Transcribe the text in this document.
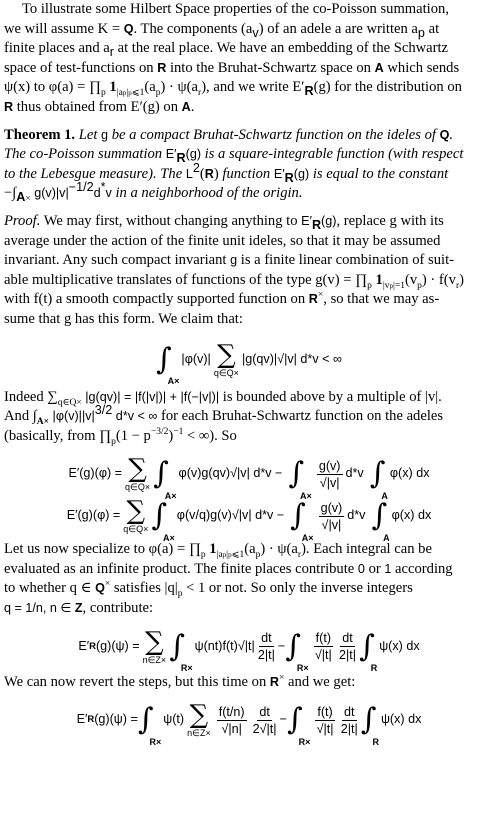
To illustrate some Hilbert Space properties of the co-Poisson summation,

we will assume K = Q. The components $(a_v)$ of an adele a are written $a_p$ at

finite places and $a_r$ at the real place. We have an embedding of the Schwartz

space of test-functions on R into the Bruhat-Schwartz space on A which sends

ψ(x) to $\varphi(a) = \prod_p$ $1_{|ap|p⩽1}(a_p) \cdot \psi(a_r)$, and we write $E'_R(g)$ for the distribution on

R thus obtained from E′(g) on A.

Theorem 1. Let g be a compact Bruhat-Schwartz function on the ideles of Q.

The co-Poisson summation $E'_R(g)$ is a square-integrable function (with respect

to the Lebesgue measure). The $L^2(R)$ function $E'_R(g)$ is equal to the constant

$-\int_{A\times}$ $g(v)|v|^{-1/2}d^*v$ in a neighborhood of the origin.

Proof. We may first, without changing anything to $E'_R(g)$, replace g with its

average under the action of the finite unit ideles, so that it may be assumed

invariant. Any such compact invariant g is a finite linear combination of suit-

able multiplicative translates of functions of the type $g(v) = \prod_p$ $1_{|vp|=1}(v_p) \cdot f(v_r)$

with f(t) a smooth compactly supported function on R×, so that we may as-

sume that g has this form. We claim that:

∫
A×
|φ(v)| ∑
q∈Q×
|g(qv)|√|v| d*v < ∞

Indeed $\sum_{q\in Q\times}$ |g(qv)| = |f(|v|)| + |f(−|v|)| is bounded above by a multiple of |v|.

And $\int_{A\times}$ $|\varphi(v)||v|^{3/2}$ d*v < ∞ for each Bruhat-Schwartz function on the adeles

(basically, from $\prod_p(1 - p^{-3/2})^{-1}$ < ∞). So

E′(g)(φ) = ∑
q∈Q× ∫
A×
φ(v)g(qv)√|v| d*v − ∫
A×
$\frac{g(v)}{√|v|} d*v$ ∫
A
φ(x) dx
E′(g)(φ) = ∑
q∈Q× ∫
A×
φ(v/q)g(v)√|v| d*v − ∫
A×
$\frac{g(v)}{√|v|} d*v$ ∫
A
φ(x) dx

Let us now specialize to $\varphi(a) = \prod_p$ $1_{|ap|p⩽1}(a_p) \cdot \psi(a_r)$. Each integral can be

evaluated as an infinite product. The finite places contribute 0 or 1 according

to whether q ∈ Q× satisfies $|q|_p < 1$ or not. So only the inverse integers

q = 1/n, n ∈ Z, contribute:

E′ R (g)(ψ) = ∑
n∈Z× ∫
R×
$\psi(nt)f(t)√|t| \frac{dt}{2|t|}$ − ∫
R×
$\frac{f(t)}{√|t|} \frac{dt}{2|t|}$ ∫
R
ψ(x) dx

We can now revert the steps, but this time on R× and we get:

E′ R (g)(ψ) = ∫
R×
ψ(t) ∑
n∈Z× $\frac{f(t/n)}{√|n|} \frac{dt}{2√|t|}$ − ∫
R×
$\frac{f(t)}{√|t|} \frac{dt}{2|t|}$ ∫
R
ψ(x) dx
